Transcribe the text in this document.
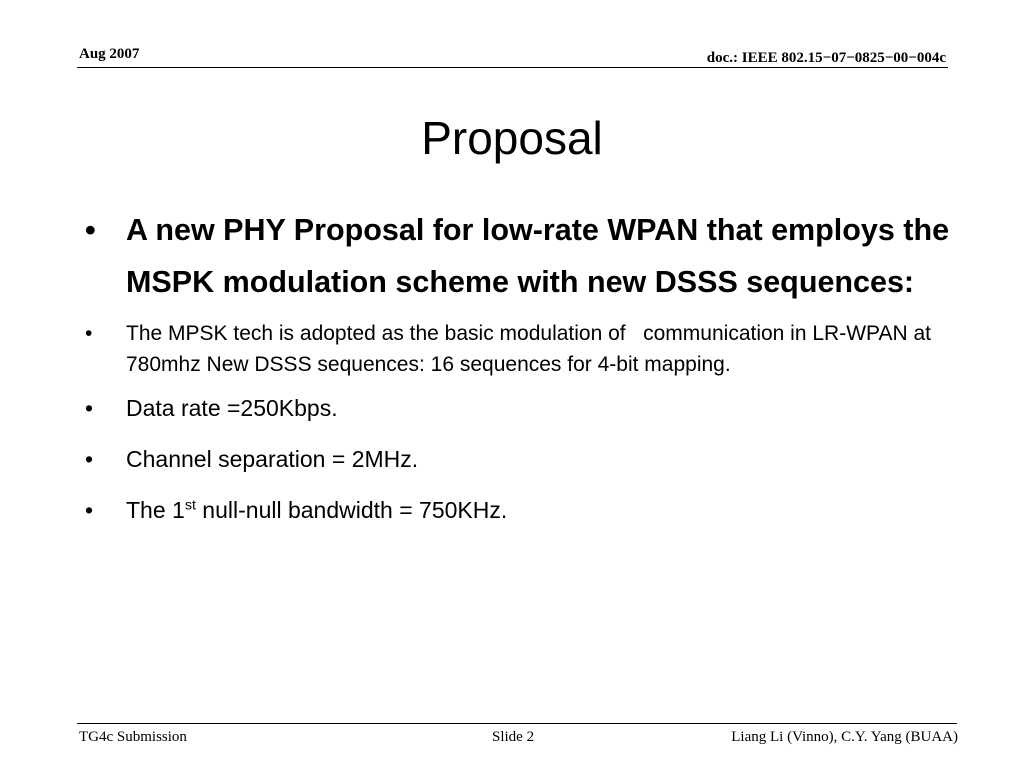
Aug 2007	doc.: IEEE 802.15−07−0825−00−004c
Proposal
• A new PHY Proposal for low-rate WPAN that employs the MSPK modulation scheme with new DSSS sequences:
•	The MPSK tech is adopted as the basic modulation of   communication in LR-WPAN at 780mhz New DSSS sequences: 16 sequences for 4-bit mapping.
•	Data rate =250Kbps.
•	Channel separation = 2MHz.
•	The 1st null-null bandwidth = 750KHz.
TG4c Submission	Slide 2	Liang Li (Vinno), C.Y. Yang (BUAA)
